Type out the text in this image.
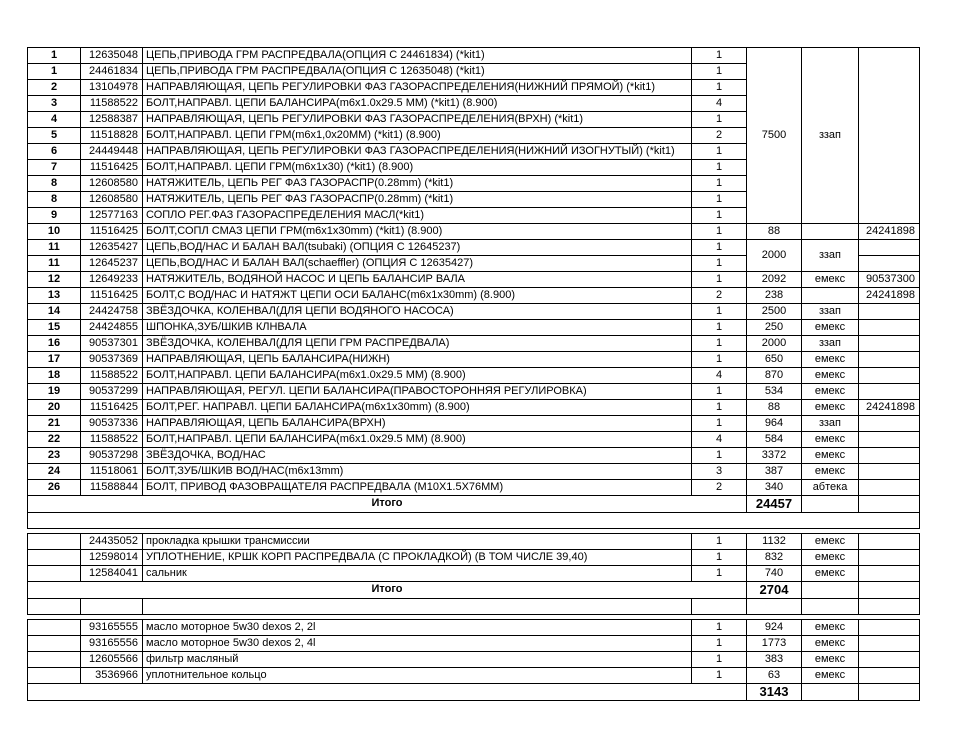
1	12635048	ЦЕПЬ,ПРИВОДА ГРМ РАСПРЕДВАЛА(ОПЦИЯ С 24461834) (*kit1)	1	7500	ззап	
1	24461834	ЦЕПЬ,ПРИВОДА ГРМ РАСПРЕДВАЛА(ОПЦИЯ С 12635048) (*kit1)	1			
2	13104978	НАПРАВЛЯЮЩАЯ, ЦЕПЬ РЕГУЛИРОВКИ ФАЗ ГАЗОРАСПРЕДЕЛЕНИЯ(НИЖНИЙ ПРЯМОЙ) (*kit1)	1			
3	11588522	БОЛТ,НАПРАВЛ. ЦЕПИ БАЛАНСИРА(m6x1.0x29.5 ММ) (*kit1) (8.900)	4			
4	12588387	НАПРАВЛЯЮЩАЯ, ЦЕПЬ РЕГУЛИРОВКИ ФАЗ ГАЗОРАСПРЕДЕЛЕНИЯ(ВРХН) (*kit1)	1			
5	11518828	БОЛТ,НАПРАВЛ. ЦЕПИ ГРМ(m6x1,0x20ММ) (*kit1) (8.900)	2			
6	24449448	НАПРАВЛЯЮЩАЯ, ЦЕПЬ РЕГУЛИРОВКИ ФАЗ ГАЗОРАСПРЕДЕЛЕНИЯ(НИЖНИЙ ИЗОГНУТЫЙ) (*kit1)	1			
7	11516425	БОЛТ,НАПРАВЛ. ЦЕПИ ГРМ(m6x1x30) (*kit1) (8.900)	1			
8	12608580	НАТЯЖИТЕЛЬ, ЦЕПЬ РЕГ ФАЗ ГАЗОРАСПР(0.28mm) (*kit1)	1			
8	12608580	НАТЯЖИТЕЛЬ, ЦЕПЬ РЕГ ФАЗ ГАЗОРАСПР(0.28mm) (*kit1)	1			
9	12577163	СОПЛО РЕГ.ФАЗ ГАЗОРАСПРЕДЕЛЕНИЯ МАСЛ(*kit1)	1			
10	11516425	БОЛТ,СОПЛ СМАЗ ЦЕПИ ГРМ(m6x1x30mm) (*kit1) (8.900)	1	88		24241898
11	12635427	ЦЕПЬ,ВОД/НАС И БАЛАН ВАЛ(tsubaki) (ОПЦИЯ С 12645237)	1	2000	ззап	
11	12645237	ЦЕПЬ,ВОД/НАС И БАЛАН ВАЛ(schaeffler) (ОПЦИЯ С 12635427)	1			
12	12649233	НАТЯЖИТЕЛЬ, ВОДЯНОЙ НАСОС И ЦЕПЬ БАЛАНСИР ВАЛА	1	2092	емекс	90537300
13	11516425	БОЛТ,С ВОД/НАС И НАТЯЖТ ЦЕПИ ОСИ БАЛАНС(m6x1x30mm) (8.900)	2	238		24241898
14	24424758	ЗВЁЗДОЧКА, КОЛЕНВАЛ(ДЛЯ ЦЕПИ ВОДЯНОГО НАСОСА)	1	2500	ззап	
15	24424855	ШПОНКА,ЗУБ/ШКИВ КЛНВАЛА	1	250	емекс	
16	90537301	ЗВЁЗДОЧКА, КОЛЕНВАЛ(ДЛЯ ЦЕПИ ГРМ РАСПРЕДВАЛА)	1	2000	ззап	
17	90537369	НАПРАВЛЯЮЩАЯ, ЦЕПЬ БАЛАНСИРА(НИЖН)	1	650	емекс	
18	11588522	БОЛТ,НАПРАВЛ. ЦЕПИ БАЛАНСИРА(m6x1.0x29.5 ММ) (8.900)	4	870	емекс	
19	90537299	НАПРАВЛЯЮЩАЯ, РЕГУЛ. ЦЕПИ БАЛАНСИРА(ПРАВОСТОРОННЯЯ РЕГУЛИРОВКА)	1	534	емекс	
20	11516425	БОЛТ,РЕГ. НАПРАВЛ. ЦЕПИ БАЛАНСИРА(m6x1x30mm) (8.900)	1	88	емекс	24241898
21	90537336	НАПРАВЛЯЮЩАЯ, ЦЕПЬ БАЛАНСИРА(ВРХН)	1	964	ззап	
22	11588522	БОЛТ,НАПРАВЛ. ЦЕПИ БАЛАНСИРА(m6x1.0x29.5 ММ) (8.900)	4	584	емекс	
23	90537298	ЗВЁЗДОЧКА, ВОД/НАС	1	3372	емекс	
24	11518061	БОЛТ,ЗУБ/ШКИВ ВОД/НАС(m6x13mm)	3	387	емекс	
26	11588844	БОЛТ, ПРИВОД ФАЗОВРАЩАТЕЛЯ РАСПРЕДВАЛА (М10Х1.5Х76ММ)	2	340	абтека	
Итого				24457		

	24435052	прокладка крышки трансмиссии	1	1132	емекс	
	12598014	УПЛОТНЕНИЕ, КРШК КОРП РАСПРЕДВАЛА (С ПРОКЛАДКОЙ) (В ТОМ ЧИСЛЕ 39,40)	1	832	емекс	
	12584041	сальник	1	740	емекс	
Итого				2704		

	93165555	масло моторное 5w30 dexos 2, 2l	1	924	емекс	
	93165556	масло моторное 5w30 dexos 2, 4l	1	1773	емекс	
	12605566	фильтр масляный	1	383	емекс	
	3536966	уплотнительное кольцо	1	63	емекс	
				3143		
